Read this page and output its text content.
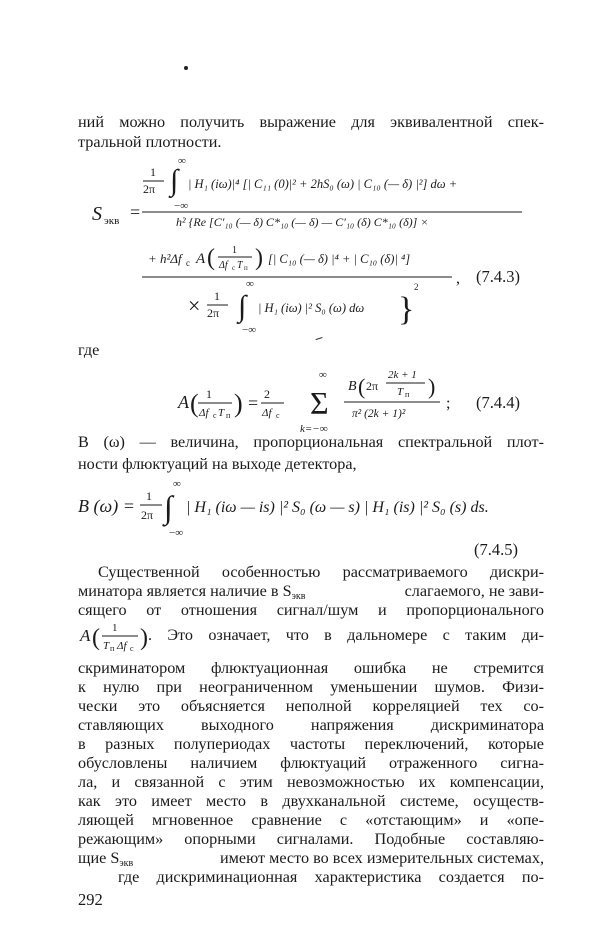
ний можно получить выражение для эквивалентной спек-
тральной плотности.
S экв =
1
2π
∞
∫
−∞
| H₁ (iω)|⁴ [| C₁₁ (0)|² + 2hS₀ (ω) | C₁₀ (— δ) |²] dω +
h² {Re [C′₁₀ (— δ) C*₁₀ (— δ) — C′₁₀ (δ) C*₁₀ (δ)] ×
+ h²Δf c A ( 1
Δf c T п ) [| C₁₀ (— δ) |⁴ + | C₁₀ (δ)| ⁴]
,
× 1
2π
∞
∫
−∞
| H₁ (iω) |² S₀ (ω) dω }
2
(7.4.3)
где
A ( 1
Δf c T п ) = 2
Δf c
∞
Σ
k=−∞
B ( 2π
2k + 1
T п )
π² (2k + 1)²
; (7.4.4)
B (ω) — величина, пропорциональная спектральной плот-
ности флюктуаций на выходе детектора,
B (ω) = 1
2π
∞
∫
−∞
| H₁ (iω — is) |² S₀ (ω — s) | H₁ (is) |² S₀ (s) ds.
(7.4.5)
Существенной особенностью рассматриваемого дискри-
минатора является наличие в Sэкв	слагаемого, не зави-
сящего от отношения сигнал/шум и пропорционального
A ( 1
T п Δf c ) . Это означает, что в дальномере с таким ди-
скриминатором флюктуационная ошибка не стремится
к нулю при неограниченном уменьшении шумов. Физи-
чески это объясняется неполной корреляцией тех со-
ставляющих выходного напряжения дискриминатора
в разных полупериодах частоты переключений, которые
обусловлены наличием флюктуаций отраженного сигна-
ла, и связанной с этим невозможностью их компенсации,
как это имеет место в двухканальной системе, осуществ-
ляющей мгновенное сравнение с «отстающим» и «опе-
режающим» опорными сигналами. Подобные составляю-
щие Sэкв	имеют место во всех измерительных системах,
где дискриминационная характеристика создается по-
292
